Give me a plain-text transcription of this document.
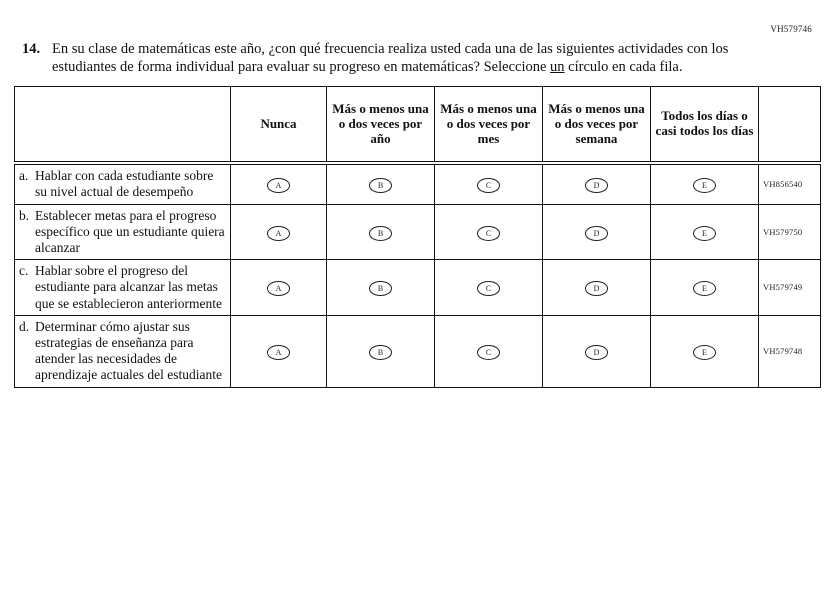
VH579746
14. En su clase de matemáticas este año, ¿con qué frecuencia realiza usted cada una de las siguientes actividades con los estudiantes de forma individual para evaluar su progreso en matemáticas? Seleccione un círculo en cada fila.
	Nunca	Más o menos una o dos veces por año	Más o menos una o dos veces por mes	Más o menos una o dos veces por semana	Todos los días o casi todos los días	

a. Hablar con cada estudiante sobre su nivel actual de desempeño	A	B	C	D	E	VH856540

b. Establecer metas para el progreso específico que un estudiante quiera alcanzar	A	B	C	D	E	VH579750

c. Hablar sobre el progreso del estudiante para alcanzar las metas que se establecieron anteriormente	A	B	C	D	E	VH579749

d. Determinar cómo ajustar sus estrategias de enseñanza para atender las necesidades de aprendizaje actuales del estudiante	A	B	C	D	E	VH579748
